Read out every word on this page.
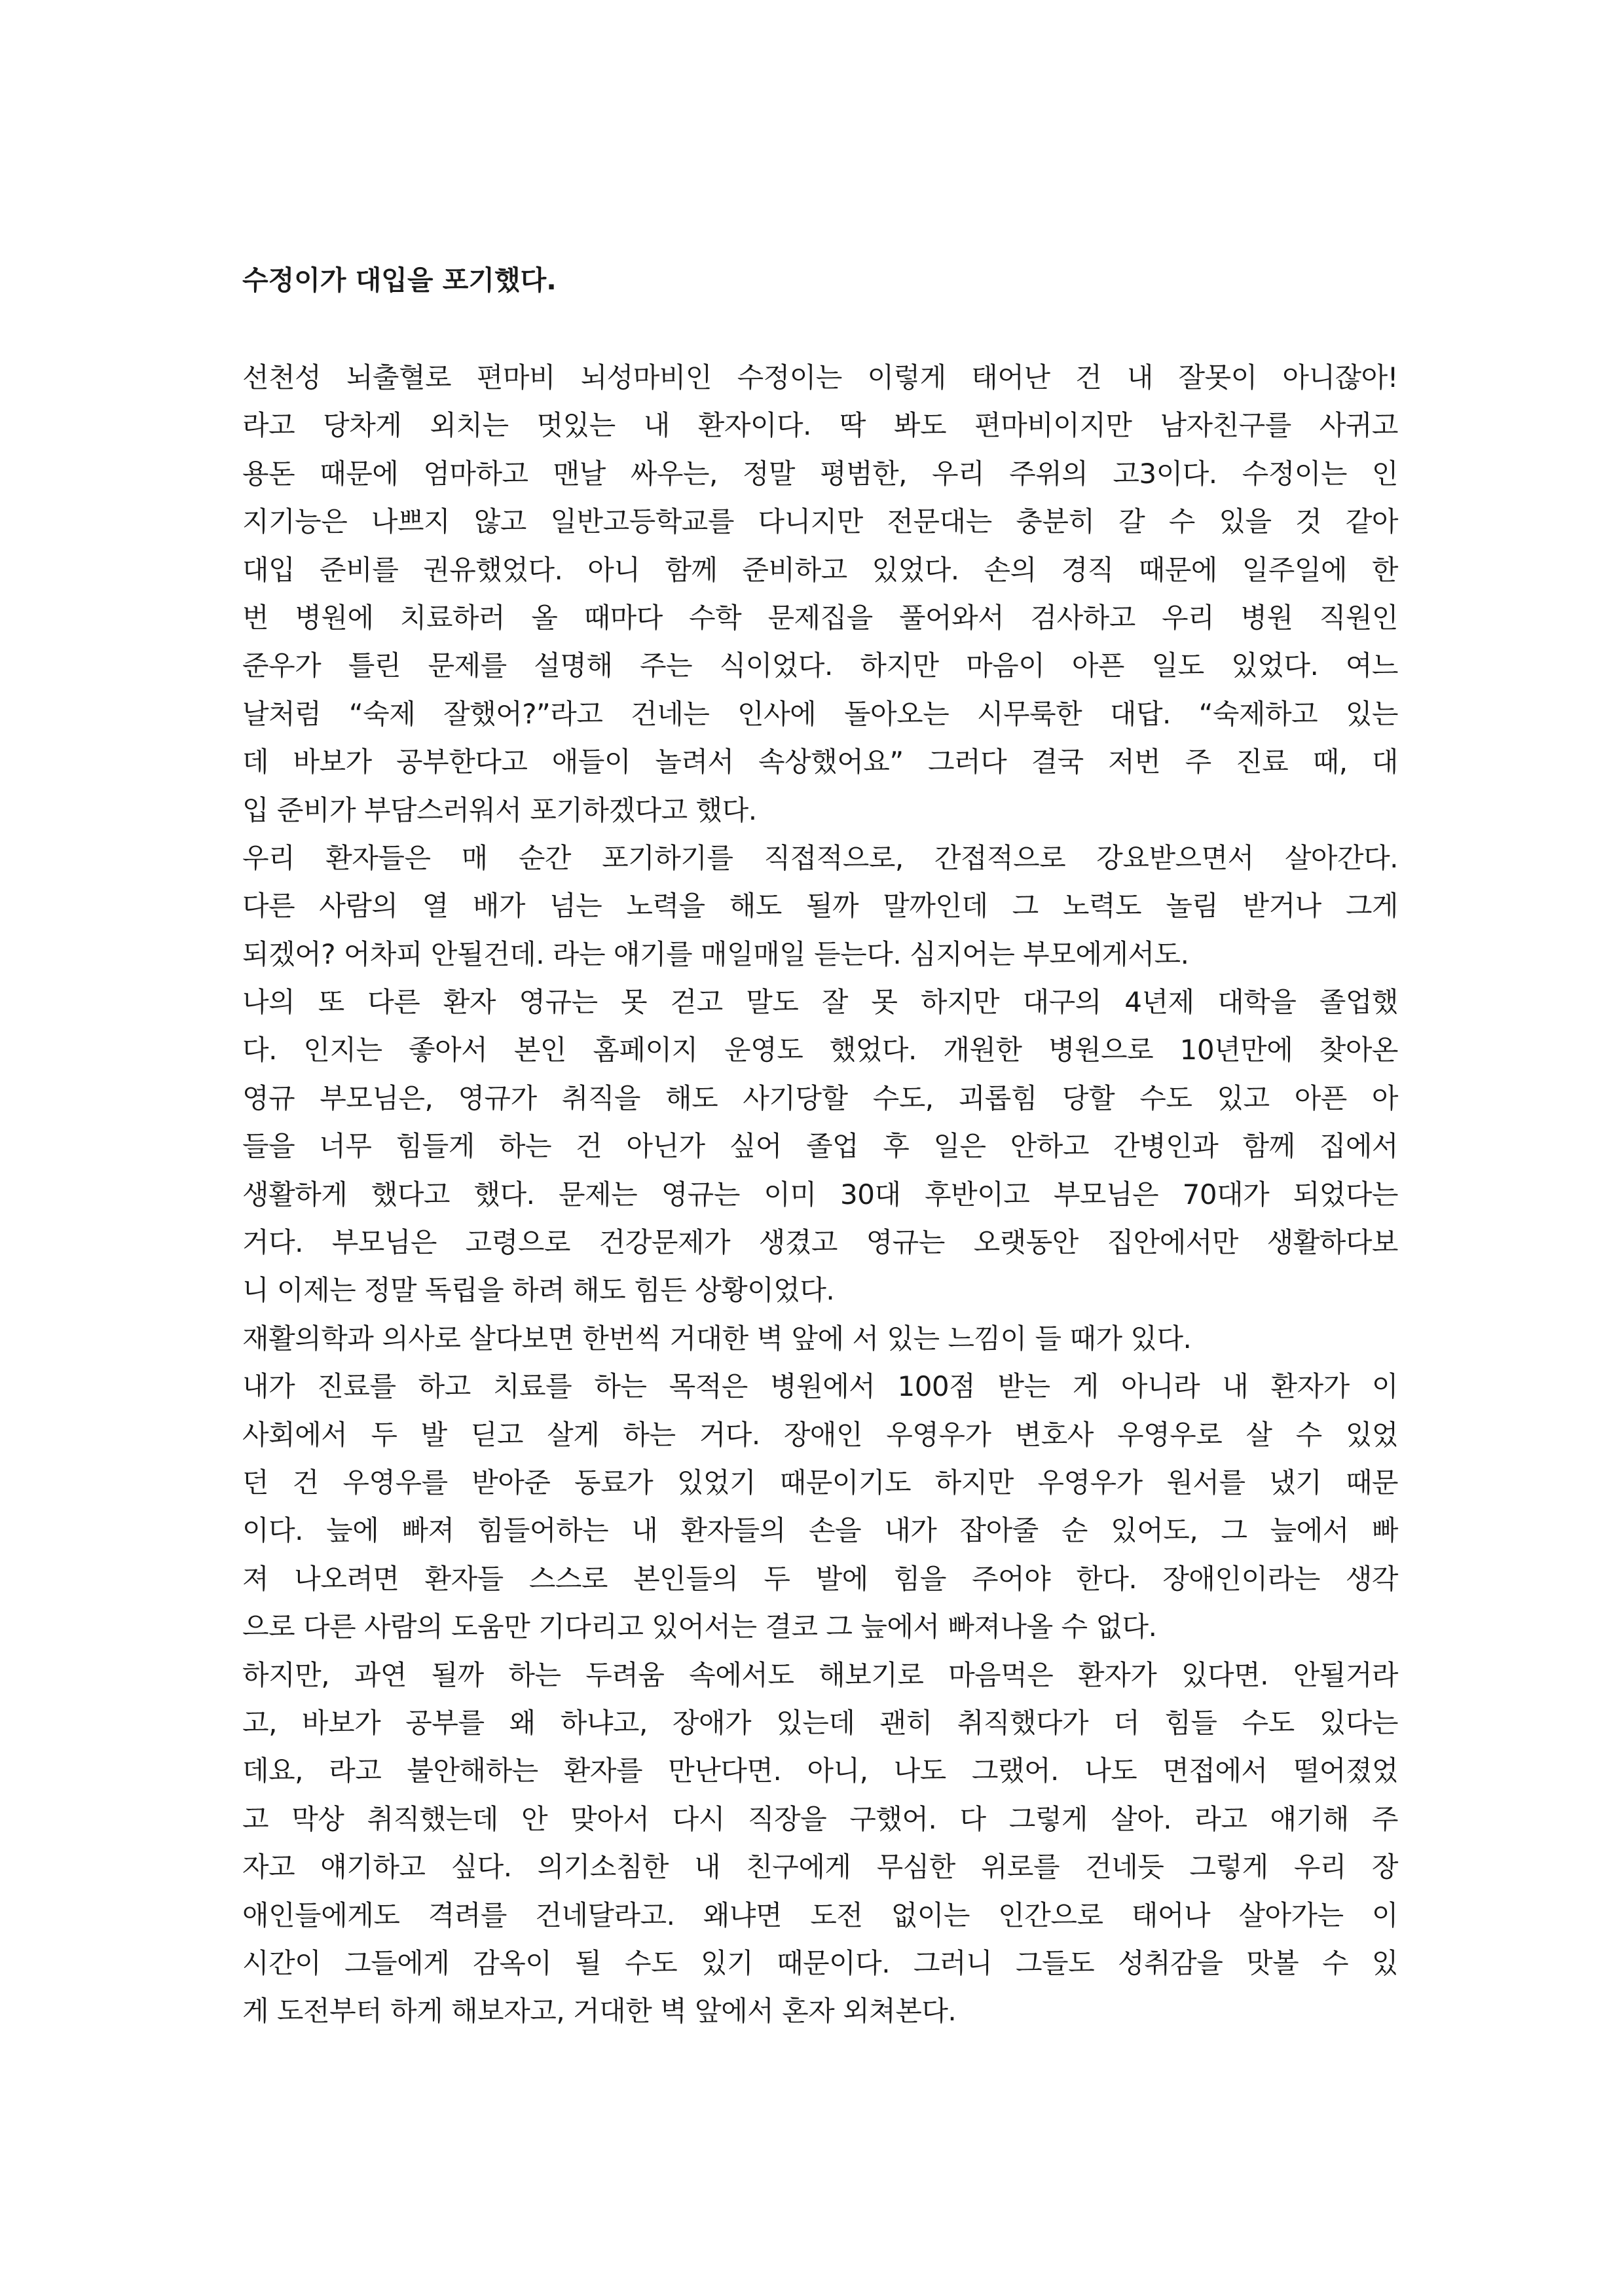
수정이가 대입을 포기했다.
선천성 뇌출혈로 편마비 뇌성마비인 수정이는 이렇게 태어난 건 내 잘못이 아니잖아!
라고 당차게 외치는 멋있는 내 환자이다. 딱 봐도 편마비이지만 남자친구를 사귀고
용돈 때문에 엄마하고 맨날 싸우는, 정말 평범한, 우리 주위의 고3이다. 수정이는 인
지기능은 나쁘지 않고 일반고등학교를 다니지만 전문대는 충분히 갈 수 있을 것 같아
대입 준비를 권유했었다. 아니 함께 준비하고 있었다. 손의 경직 때문에 일주일에 한
번 병원에 치료하러 올 때마다 수학 문제집을 풀어와서 검사하고 우리 병원 직원인
준우가 틀린 문제를 설명해 주는 식이었다. 하지만 마음이 아픈 일도 있었다. 여느
날처럼 “숙제 잘했어?”라고 건네는 인사에 돌아오는 시무룩한 대답. “숙제하고 있는
데 바보가 공부한다고 애들이 놀려서 속상했어요” 그러다 결국 저번 주 진료 때, 대
입 준비가 부담스러워서 포기하겠다고 했다.
우리 환자들은 매 순간 포기하기를 직접적으로, 간접적으로 강요받으면서 살아간다.
다른 사람의 열 배가 넘는 노력을 해도 될까 말까인데 그 노력도 놀림 받거나 그게
되겠어? 어차피 안될건데. 라는 얘기를 매일매일 듣는다. 심지어는 부모에게서도.
나의 또 다른 환자 영규는 못 걷고 말도 잘 못 하지만 대구의 4년제 대학을 졸업했
다. 인지는 좋아서 본인 홈페이지 운영도 했었다. 개원한 병원으로 10년만에 찾아온
영규 부모님은, 영규가 취직을 해도 사기당할 수도, 괴롭힘 당할 수도 있고 아픈 아
들을 너무 힘들게 하는 건 아닌가 싶어 졸업 후 일은 안하고 간병인과 함께 집에서
생활하게 했다고 했다. 문제는 영규는 이미 30대 후반이고 부모님은 70대가 되었다는
거다. 부모님은 고령으로 건강문제가 생겼고 영규는 오랫동안 집안에서만 생활하다보
니 이제는 정말 독립을 하려 해도 힘든 상황이었다.
재활의학과 의사로 살다보면 한번씩 거대한 벽 앞에 서 있는 느낌이 들 때가 있다.
내가 진료를 하고 치료를 하는 목적은 병원에서 100점 받는 게 아니라 내 환자가 이
사회에서 두 발 딛고 살게 하는 거다. 장애인 우영우가 변호사 우영우로 살 수 있었
던 건 우영우를 받아준 동료가 있었기 때문이기도 하지만 우영우가 원서를 냈기 때문
이다. 늪에 빠져 힘들어하는 내 환자들의 손을 내가 잡아줄 순 있어도, 그 늪에서 빠
져 나오려면 환자들 스스로 본인들의 두 발에 힘을 주어야 한다. 장애인이라는 생각
으로 다른 사람의 도움만 기다리고 있어서는 결코 그 늪에서 빠져나올 수 없다.
하지만, 과연 될까 하는 두려움 속에서도 해보기로 마음먹은 환자가 있다면. 안될거라
고, 바보가 공부를 왜 하냐고, 장애가 있는데 괜히 취직했다가 더 힘들 수도 있다는
데요, 라고 불안해하는 환자를 만난다면. 아니, 나도 그랬어. 나도 면접에서 떨어졌었
고 막상 취직했는데 안 맞아서 다시 직장을 구했어. 다 그렇게 살아. 라고 얘기해 주
자고 얘기하고 싶다. 의기소침한 내 친구에게 무심한 위로를 건네듯 그렇게 우리 장
애인들에게도 격려를 건네달라고. 왜냐면 도전 없이는 인간으로 태어나 살아가는 이
시간이 그들에게 감옥이 될 수도 있기 때문이다. 그러니 그들도 성취감을 맛볼 수 있
게 도전부터 하게 해보자고, 거대한 벽 앞에서 혼자 외쳐본다.
